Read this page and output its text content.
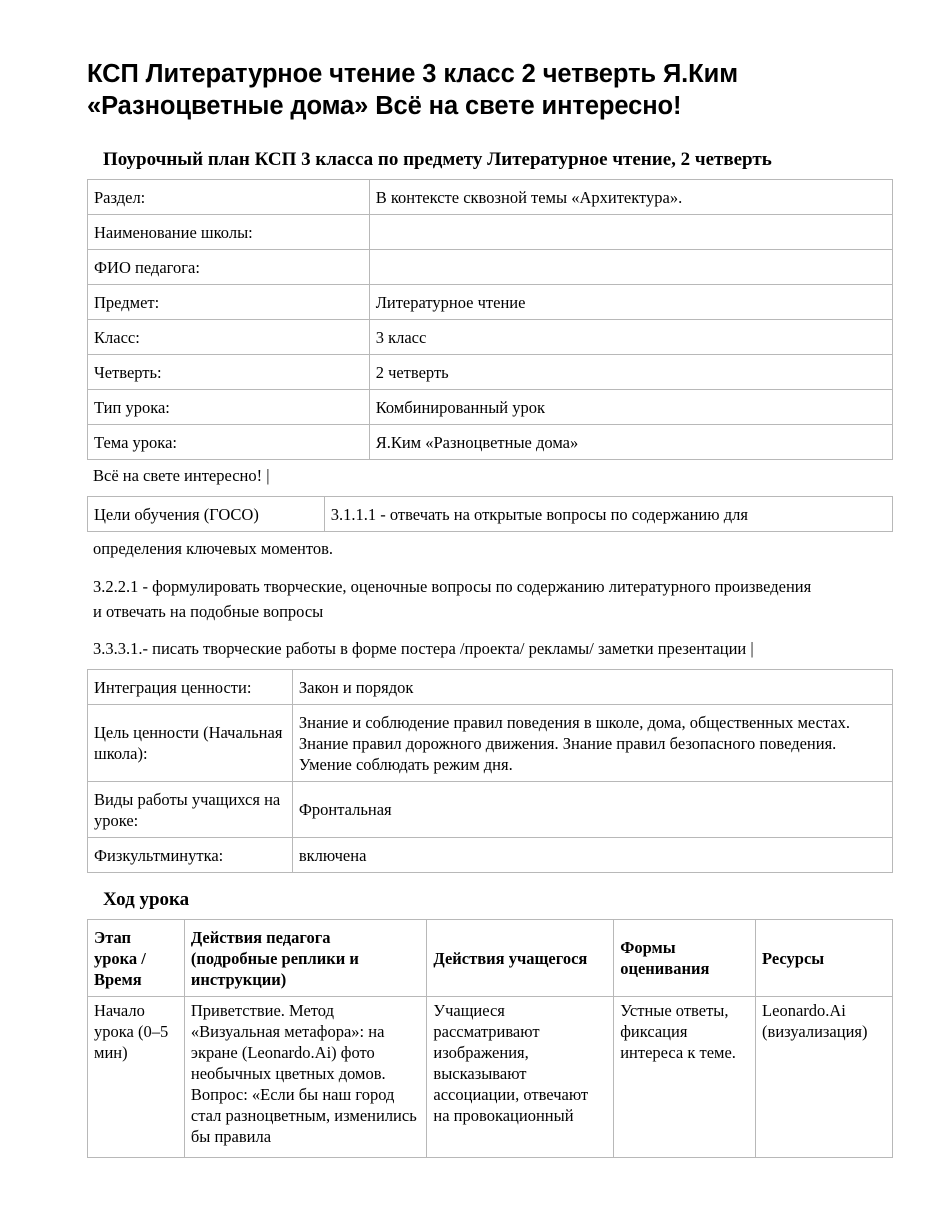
КСП Литературное чтение 3 класс 2 четверть Я.Ким
«Разноцветные дома» Всё на свете интересно!
Поурочный план КСП 3 класса по предмету Литературное чтение, 2 четверть
Раздел:	В контексте сквозной темы «Архитектура».
Наименование школы:	
ФИО педагога:	
Предмет:	Литературное чтение
Класс:	3 класс
Четверть:	2 четверть
Тип урока:	Комбинированный урок
Тема урока:	Я.Ким «Разноцветные дома»
Всё на свете интересно! |
Цели обучения (ГОСО)	3.1.1.1 - отвечать на открытые вопросы по содержанию для
определения ключевых моментов.
3.2.2.1 - формулировать творческие, оценочные вопросы по содержанию литературного произведения и отвечать на подобные вопросы
3.3.3.1.- писать творческие работы в форме постера /проекта/ рекламы/ заметки презентации |
Интеграция ценности:	Закон и порядок
Цель ценности (Начальная школа):	Знание и соблюдение правил поведения в школе, дома, общественных местах. Знание правил дорожного движения. Знание правил безопасного поведения. Умение соблюдать режим дня.
Виды работы учащихся на уроке:	Фронтальная
Физкультминутка:	включена
Ход урока
Этап урока / Время	Действия педагога (подробные реплики и инструкции)	Действия учащегося	Формы оценивания	Ресурсы
Начало урока (0–5 мин)	Приветствие. Метод «Визуальная метафора»: на экране (Leonardo.Ai) фото необычных цветных домов. Вопрос: «Если бы наш город стал разноцветным, изменились бы правила	Учащиеся рассматривают изображения, высказывают ассоциации, отвечают на провокационный	Устные ответы, фиксация интереса к теме.	Leonardo.Ai (визуализация)
